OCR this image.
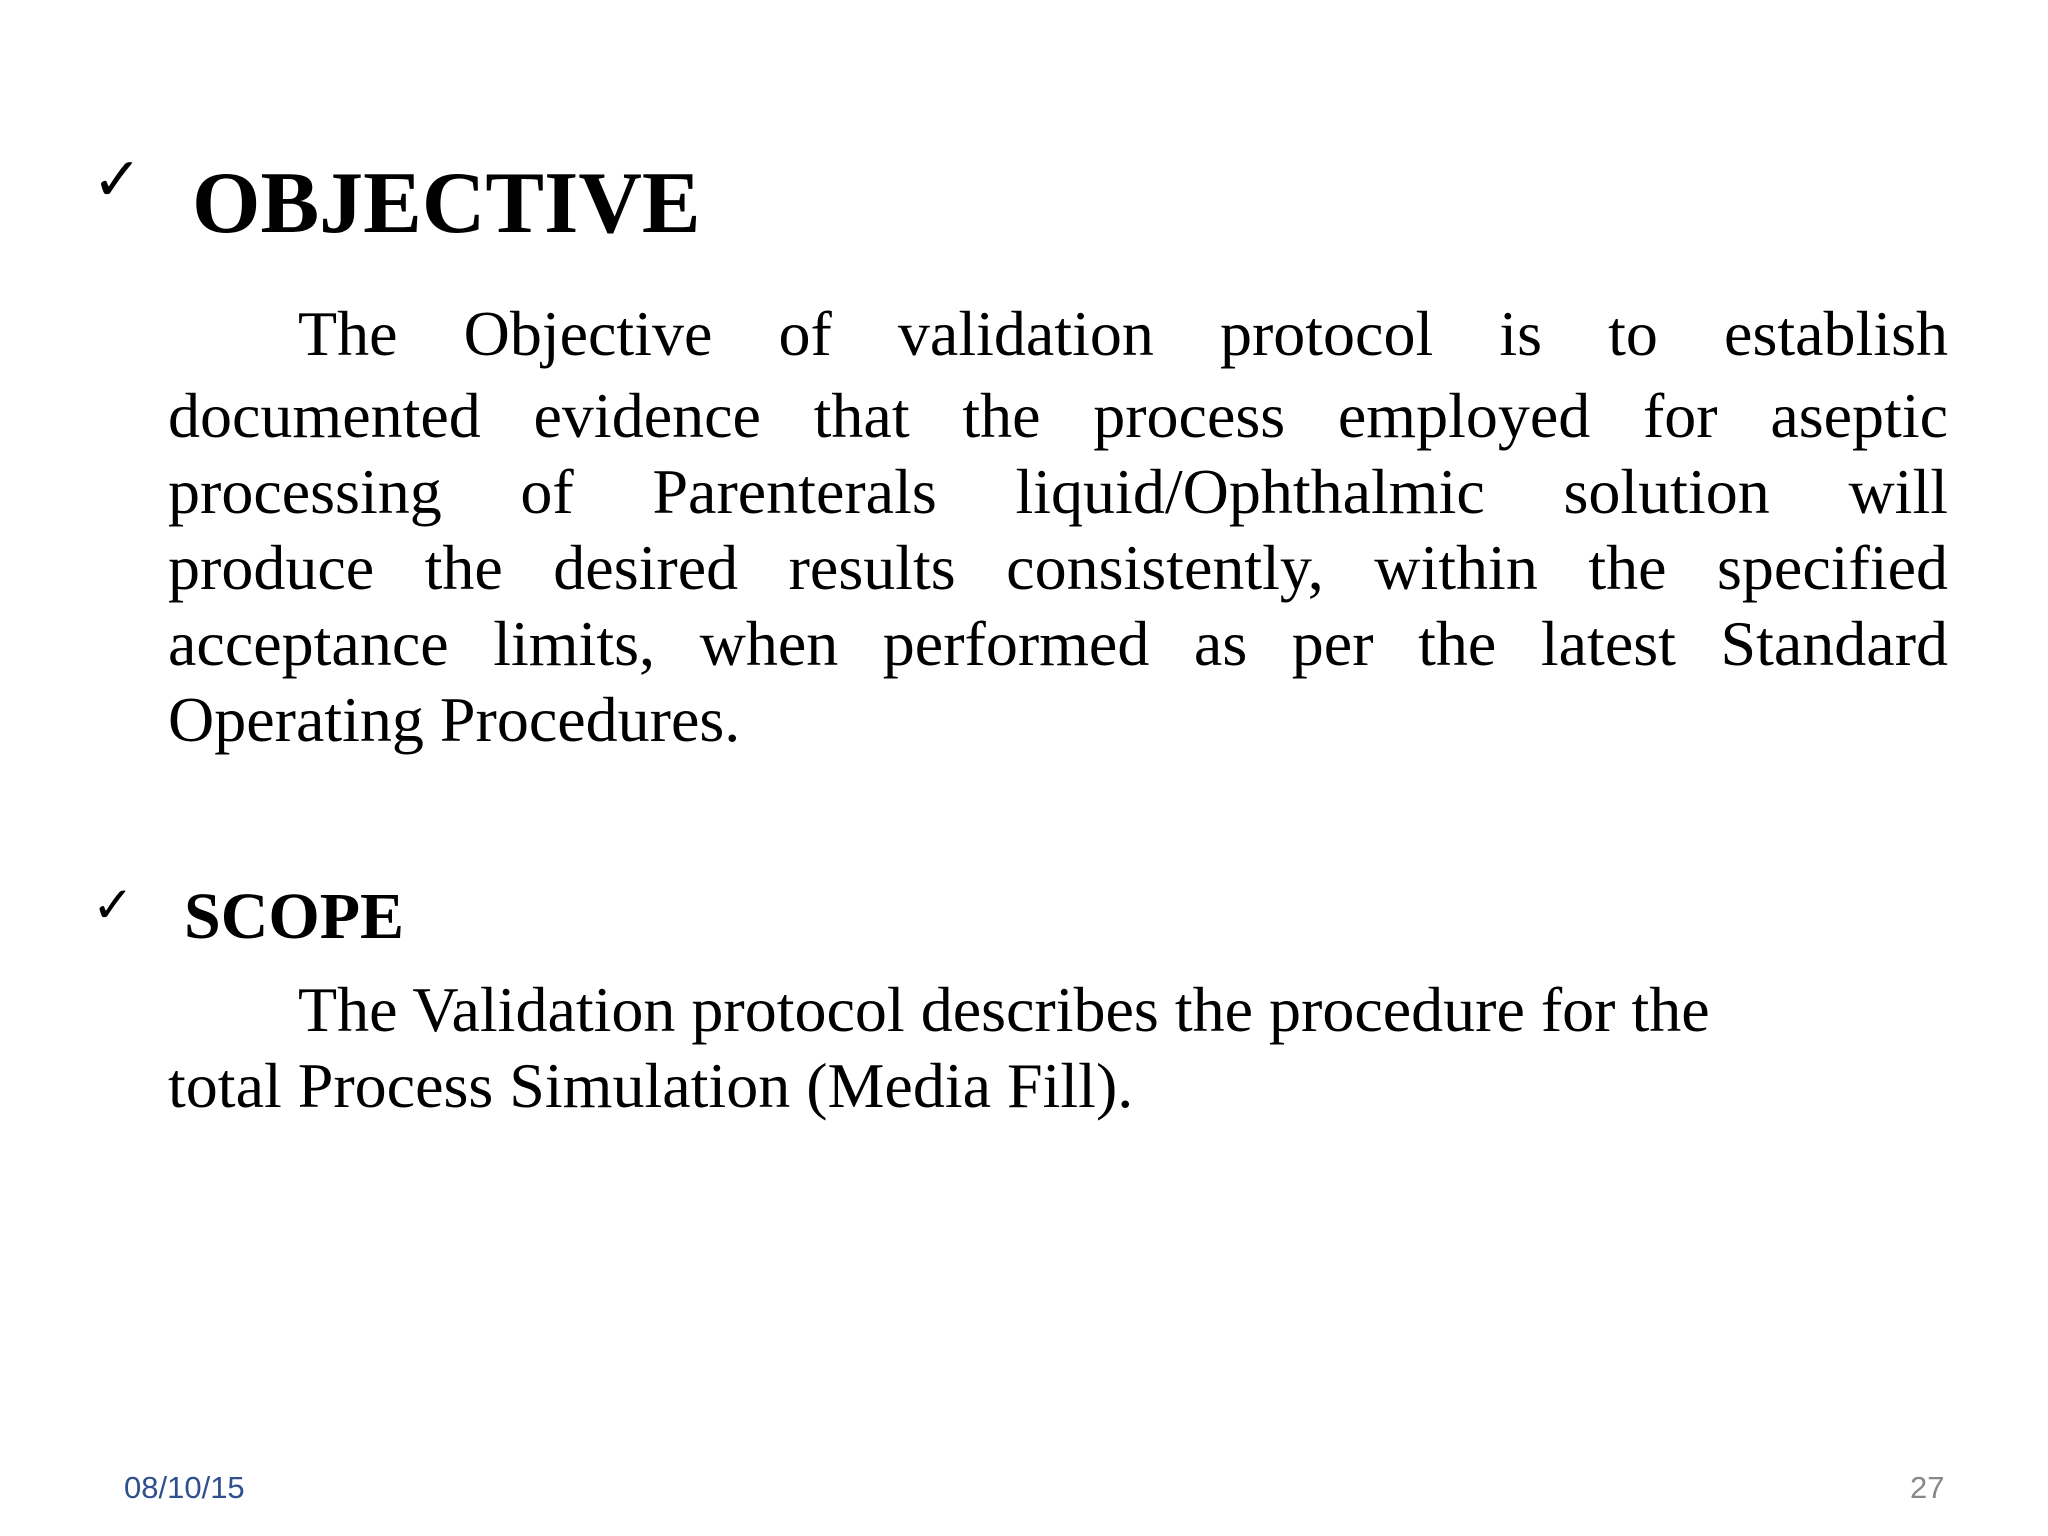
✓ OBJECTIVE
The Objective of validation protocol is to establish
documented evidence that the process employed for aseptic
processing of Parenterals liquid/Ophthalmic solution will
produce the desired results consistently, within the specified
acceptance limits, when performed as per the latest Standard
Operating Procedures.
✓ SCOPE
The Validation protocol describes the procedure for the
total Process Simulation (Media Fill).
08/10/15	27
